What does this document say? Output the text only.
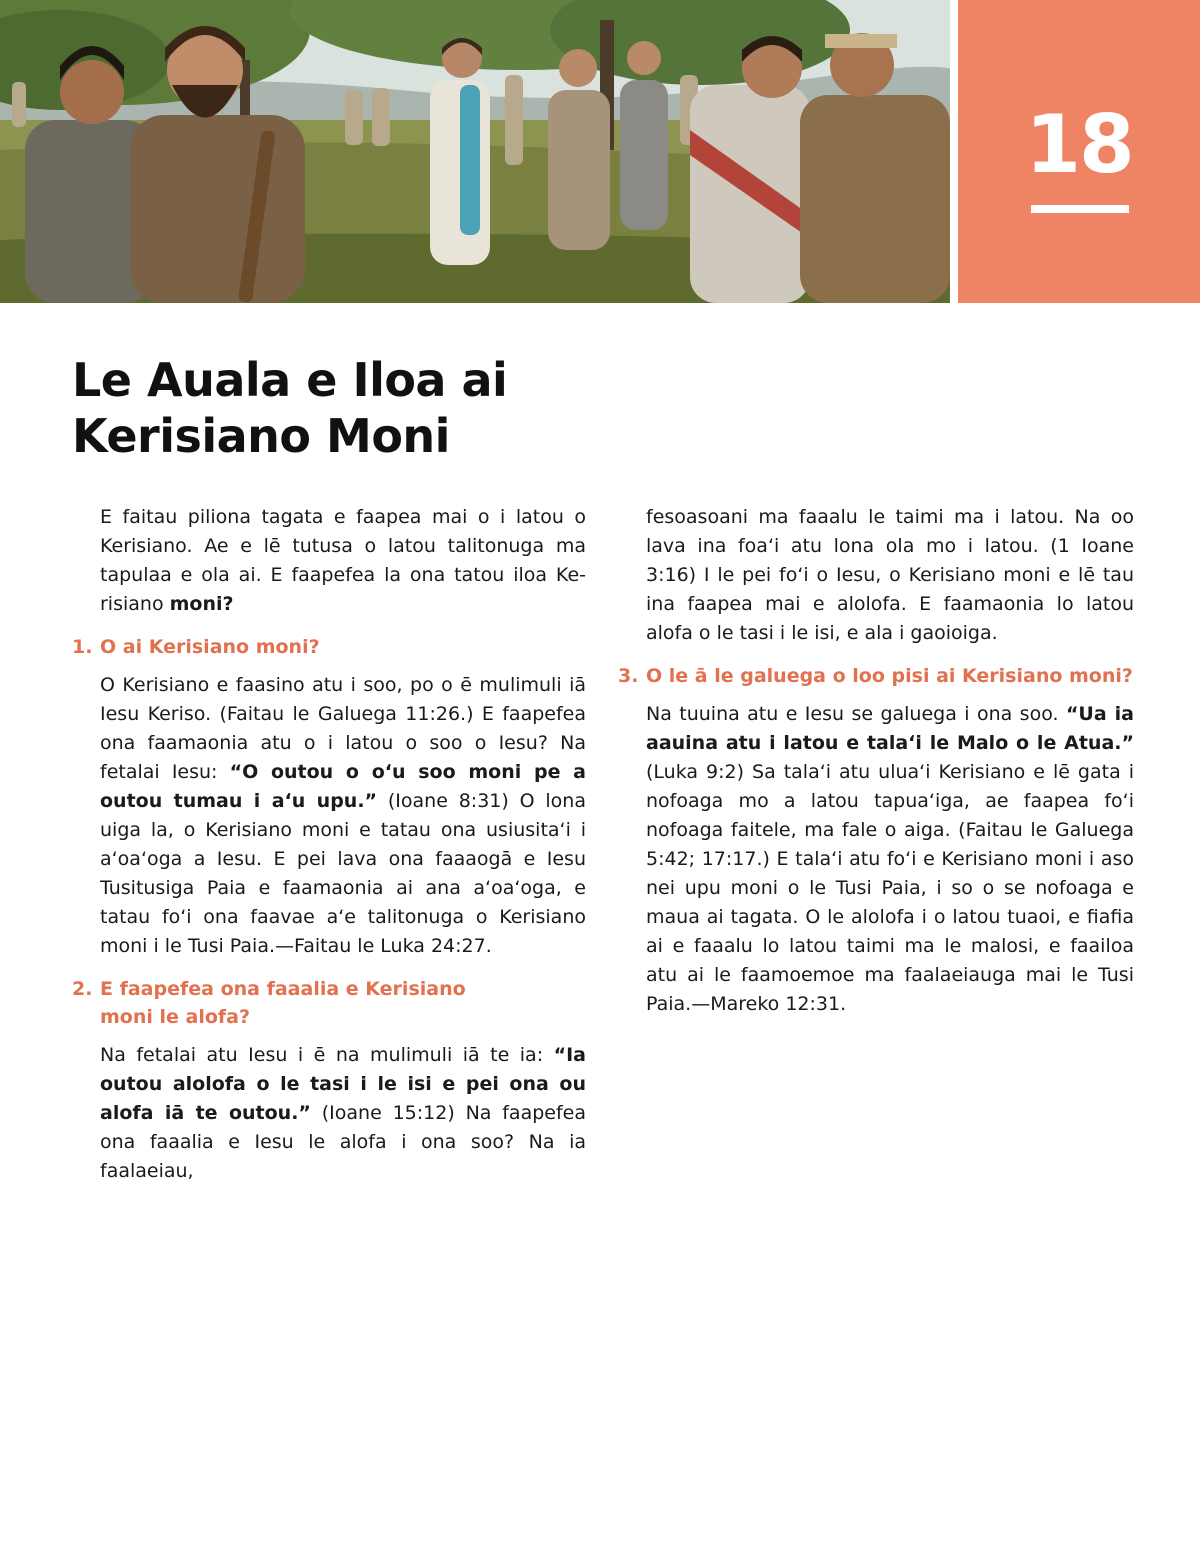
18
Le Auala e Iloa ai
Kerisiano Moni

E faitau piliona tagata e faapea mai o i latou o Kerisiano. Ae e lē tutusa o latou talitonuga ma tapulaa e ola ai. E faapefea la ona tatou iloa Kerisiano moni?

1. O ai Kerisiano moni?

O Kerisiano e faasino atu i soo, po o ē mulimuli iā Iesu Keriso. (Faitau le Galuega 11:26.) E faapefea ona faamaonia atu o i latou o soo o Iesu? Na fetalai Iesu: “O outou o oʻu soo moni pe a outou tumau i aʻu upu.” (Ioane 8:31) O lona uiga la, o Kerisiano moni e tatau ona usiusitaʻi i aʻoaʻoga a Iesu. E pei lava ona faaaogā e Iesu Tusitusiga Paia e faamaonia ai ana aʻoaʻoga, e tatau foʻi ona faavae aʻe talitonuga o Kerisiano moni i le Tusi Paia.—Faitau le Luka 24:27.

2. E faapefea ona faaalia e Kerisiano moni le alofa?

Na fetalai atu Iesu i ē na mulimuli iā te ia: “Ia outou alolofa o le tasi i le isi e pei ona ou alofa iā te outou.” (Ioane 15:12) Na faapefea ona faaalia e Iesu le alofa i ona soo? Na ia faalaeiau,

fesoasoani ma faaalu le taimi ma i latou. Na oo lava ina foaʻi atu lona ola mo i latou. (1 Ioane 3:16) I le pei foʻi o Iesu, o Kerisiano moni e lē tau ina faapea mai e alolofa. E faamaonia lo latou alofa o le tasi i le isi, e ala i gaoioiga.

3. O le ā le galuega o loo pisi ai Kerisiano moni?

Na tuuina atu e Iesu se galuega i ona soo. “Ua ia aauina atu i latou e talaʻi le Malo o le Atua.” (Luka 9:2) Sa talaʻi atu uluaʻi Kerisiano e lē gata i nofoaga mo a latou tapuaʻiga, ae faapea foʻi nofoaga faitele, ma fale o aiga. (Faitau le Galuega 5:42; 17:17.) E talaʻi atu foʻi e Kerisiano moni i aso nei upu moni o le Tusi Paia, i so o se nofoaga e maua ai tagata. O le alolofa i o latou tuaoi, e fiafia ai e faaalu lo latou taimi ma le malosi, e faailoa atu ai le faamoemoe ma faalaeiauga mai le Tusi Paia.—Mareko 12:31.
